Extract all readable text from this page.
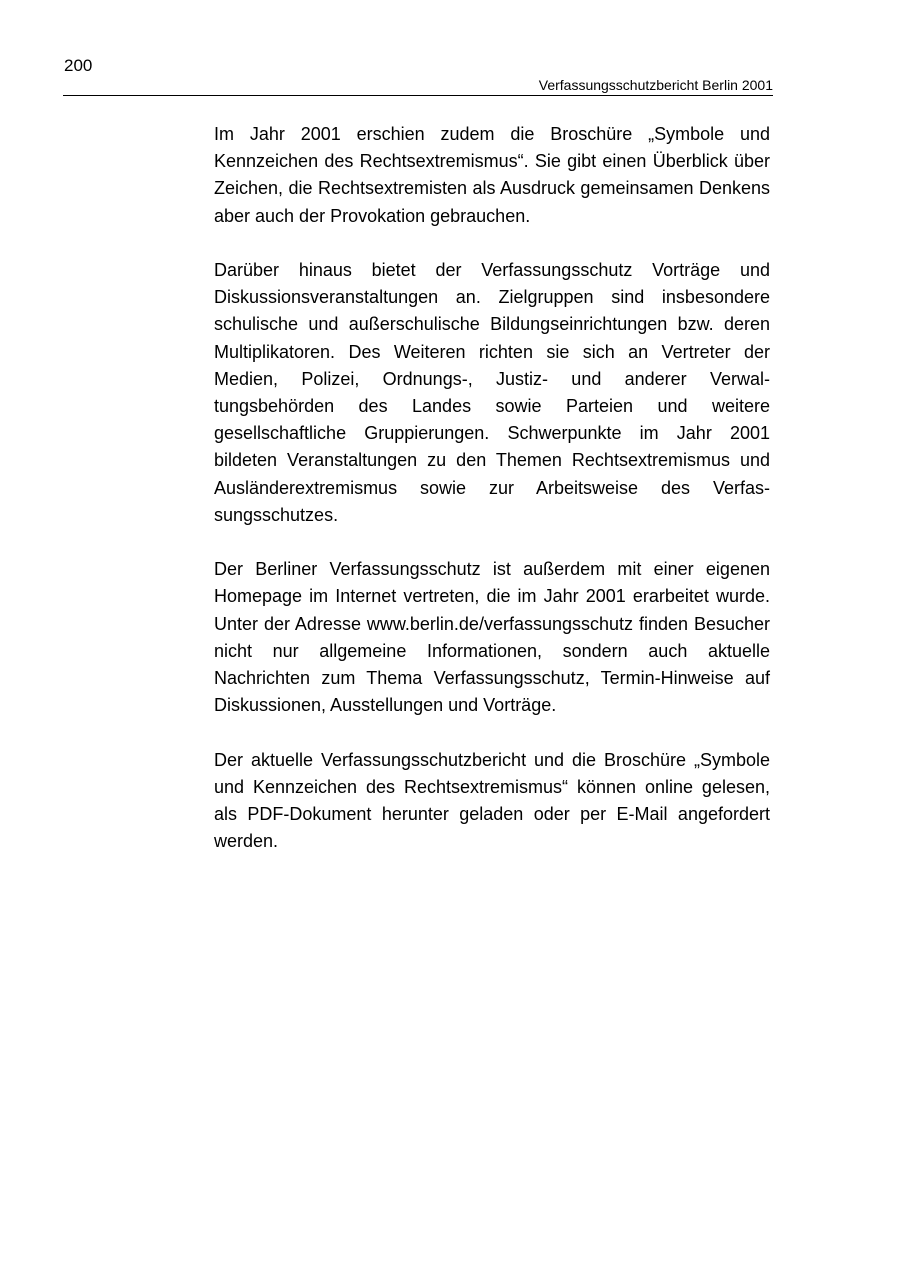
200
Verfassungsschutzbericht Berlin 2001

Im Jahr 2001 erschien zudem die Broschüre „Symbole und Kennzeichen des Rechtsextremismus“. Sie gibt einen Überblick über Zeichen, die Rechtsextremisten als Ausdruck gemeinsamen Denkens aber auch der Provokation gebrauchen.

Darüber hinaus bietet der Verfassungsschutz Vorträge und Diskussionsveranstaltungen an. Zielgruppen sind insbesondere schulische und außerschulische Bildungseinrichtungen bzw. deren Multiplikatoren. Des Weiteren richten sie sich an Vertreter der Medien, Polizei, Ordnungs-, Justiz- und anderer Verwaltungsbehörden des Landes sowie Parteien und weitere gesellschaftliche Gruppierungen. Schwerpunkte im Jahr 2001 bildeten Veranstaltungen zu den Themen Rechtsextremismus und Ausländerextremismus sowie zur Arbeitsweise des Verfassungsschutzes.

Der Berliner Verfassungsschutz ist außerdem mit einer eigenen Homepage im Internet vertreten, die im Jahr 2001 erarbeitet wurde. Unter der Adresse www.berlin.de/verfassungsschutz finden Besucher nicht nur allgemeine Informationen, sondern auch aktuelle Nachrichten zum Thema Verfassungsschutz, Termin-Hinweise auf Diskussionen, Ausstellungen und Vorträge.

Der aktuelle Verfassungsschutzbericht und die Broschüre „Symbole und Kennzeichen des Rechtsextremismus“ können online gelesen, als PDF-Dokument herunter geladen oder per E-Mail angefordert werden.
